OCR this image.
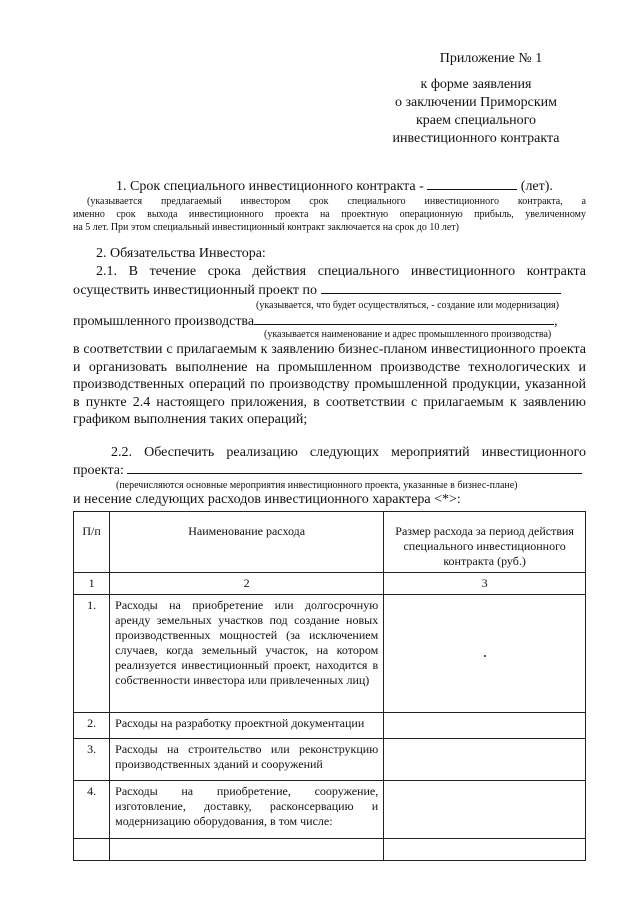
Приложение № 1
к форме заявления
о заключении Приморским
краем специального
инвестиционного контракта
1. Срок специального инвестиционного контракта -	(лет).
(указывается предлагаемый инвестором срок специального инвестиционного контракта, а
именно срок выхода инвестиционного проекта на проектную операционную прибыль, увеличенному
на 5 лет. При этом специальный инвестиционный контракт заключается на срок до 10 лет)
2. Обязательства Инвестора:
2.1. В течение срока действия специального инвестиционного контракта
осуществить инвестиционный проект по
(указывается, что будет осуществляться, - создание или модернизация)
промышленного производства	,
(указывается наименование и адрес промышленного производства)
в соответствии с прилагаемым к заявлению бизнес-планом инвестиционного проекта и организовать выполнение на промышленном производстве технологических и производственных операций по производству промышленной продукции, указанной в пункте 2.4 настоящего приложения, в соответствии с прилагаемым к заявлению графиком выполнения таких операций;
2.2. Обеспечить реализацию следующих мероприятий инвестиционного
проекта:
(перечисляются основные мероприятия инвестиционного проекта, указанные в бизнес-плане)
и несение следующих расходов инвестиционного характера <*>:
П/п	Наименование расхода	Размер расхода за период действия специального инвестиционного контракта (руб.)
1	2	3
1.	Расходы на приобретение или долгосрочную аренду земельных участков под создание новых производственных мощностей (за исключением случаев, когда земельный участок, на котором реализуется инвестиционный проект, находится в собственности инвестора или привлеченных лиц)	
2.	Расходы на разработку проектной документации	
3.	Расходы на строительство или реконструкцию производственных зданий и сооружений	
4.	Расходы на приобретение, сооружение, изготовление, доставку, расконсервацию и модернизацию оборудования, в том числе:	
